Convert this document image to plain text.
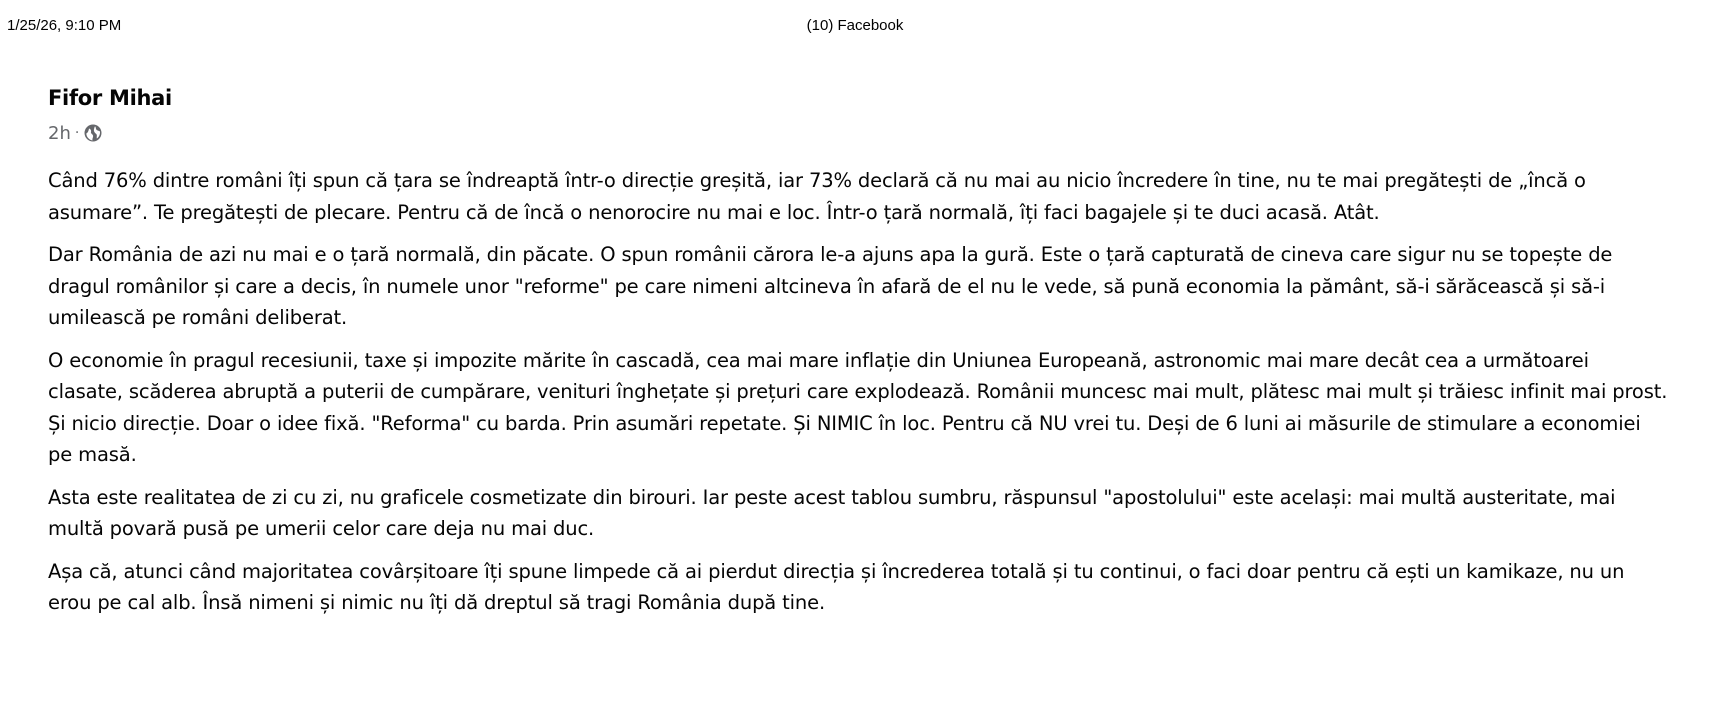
1/25/26, 9:10 PM	(10) Facebook
Fifor Mihai
2h ·

Când 76% dintre români îți spun că țara se îndreaptă într-o direcție greșită, iar 73% declară că nu mai au nicio încredere în tine, nu te mai pregătești de „încă o asumare”. Te pregătești de plecare. Pentru că de încă o nenorocire nu mai e loc. Într-o țară normală, îți faci bagajele și te duci acasă. Atât.

Dar România de azi nu mai e o țară normală, din păcate. O spun românii cărora le-a ajuns apa la gură. Este o țară capturată de cineva care sigur nu se topește de dragul românilor și care a decis, în numele unor "reforme" pe care nimeni altcineva în afară de el nu le vede, să pună economia la pământ, să-i sărăcească și să-i umilească pe români deliberat.

O economie în pragul recesiunii, taxe și impozite mărite în cascadă, cea mai mare inflație din Uniunea Europeană, astronomic mai mare decât cea a următoarei clasate, scăderea abruptă a puterii de cumpărare, venituri înghețate și prețuri care explodează. Românii muncesc mai mult, plătesc mai mult și trăiesc infinit mai prost. Și nicio direcție. Doar o idee fixă. "Reforma" cu barda. Prin asumări repetate. Și NIMIC în loc. Pentru că NU vrei tu. Deși de 6 luni ai măsurile de stimulare a economiei pe masă.

Asta este realitatea de zi cu zi, nu graficele cosmetizate din birouri. Iar peste acest tablou sumbru, răspunsul "apostolului" este același: mai multă austeritate, mai multă povară pusă pe umerii celor care deja nu mai duc.

Așa că, atunci când majoritatea covârșitoare îți spune limpede că ai pierdut direcția și încrederea totală și tu continui, o faci doar pentru că ești un kamikaze, nu un erou pe cal alb. Însă nimeni și nimic nu îți dă dreptul să tragi România după tine.
